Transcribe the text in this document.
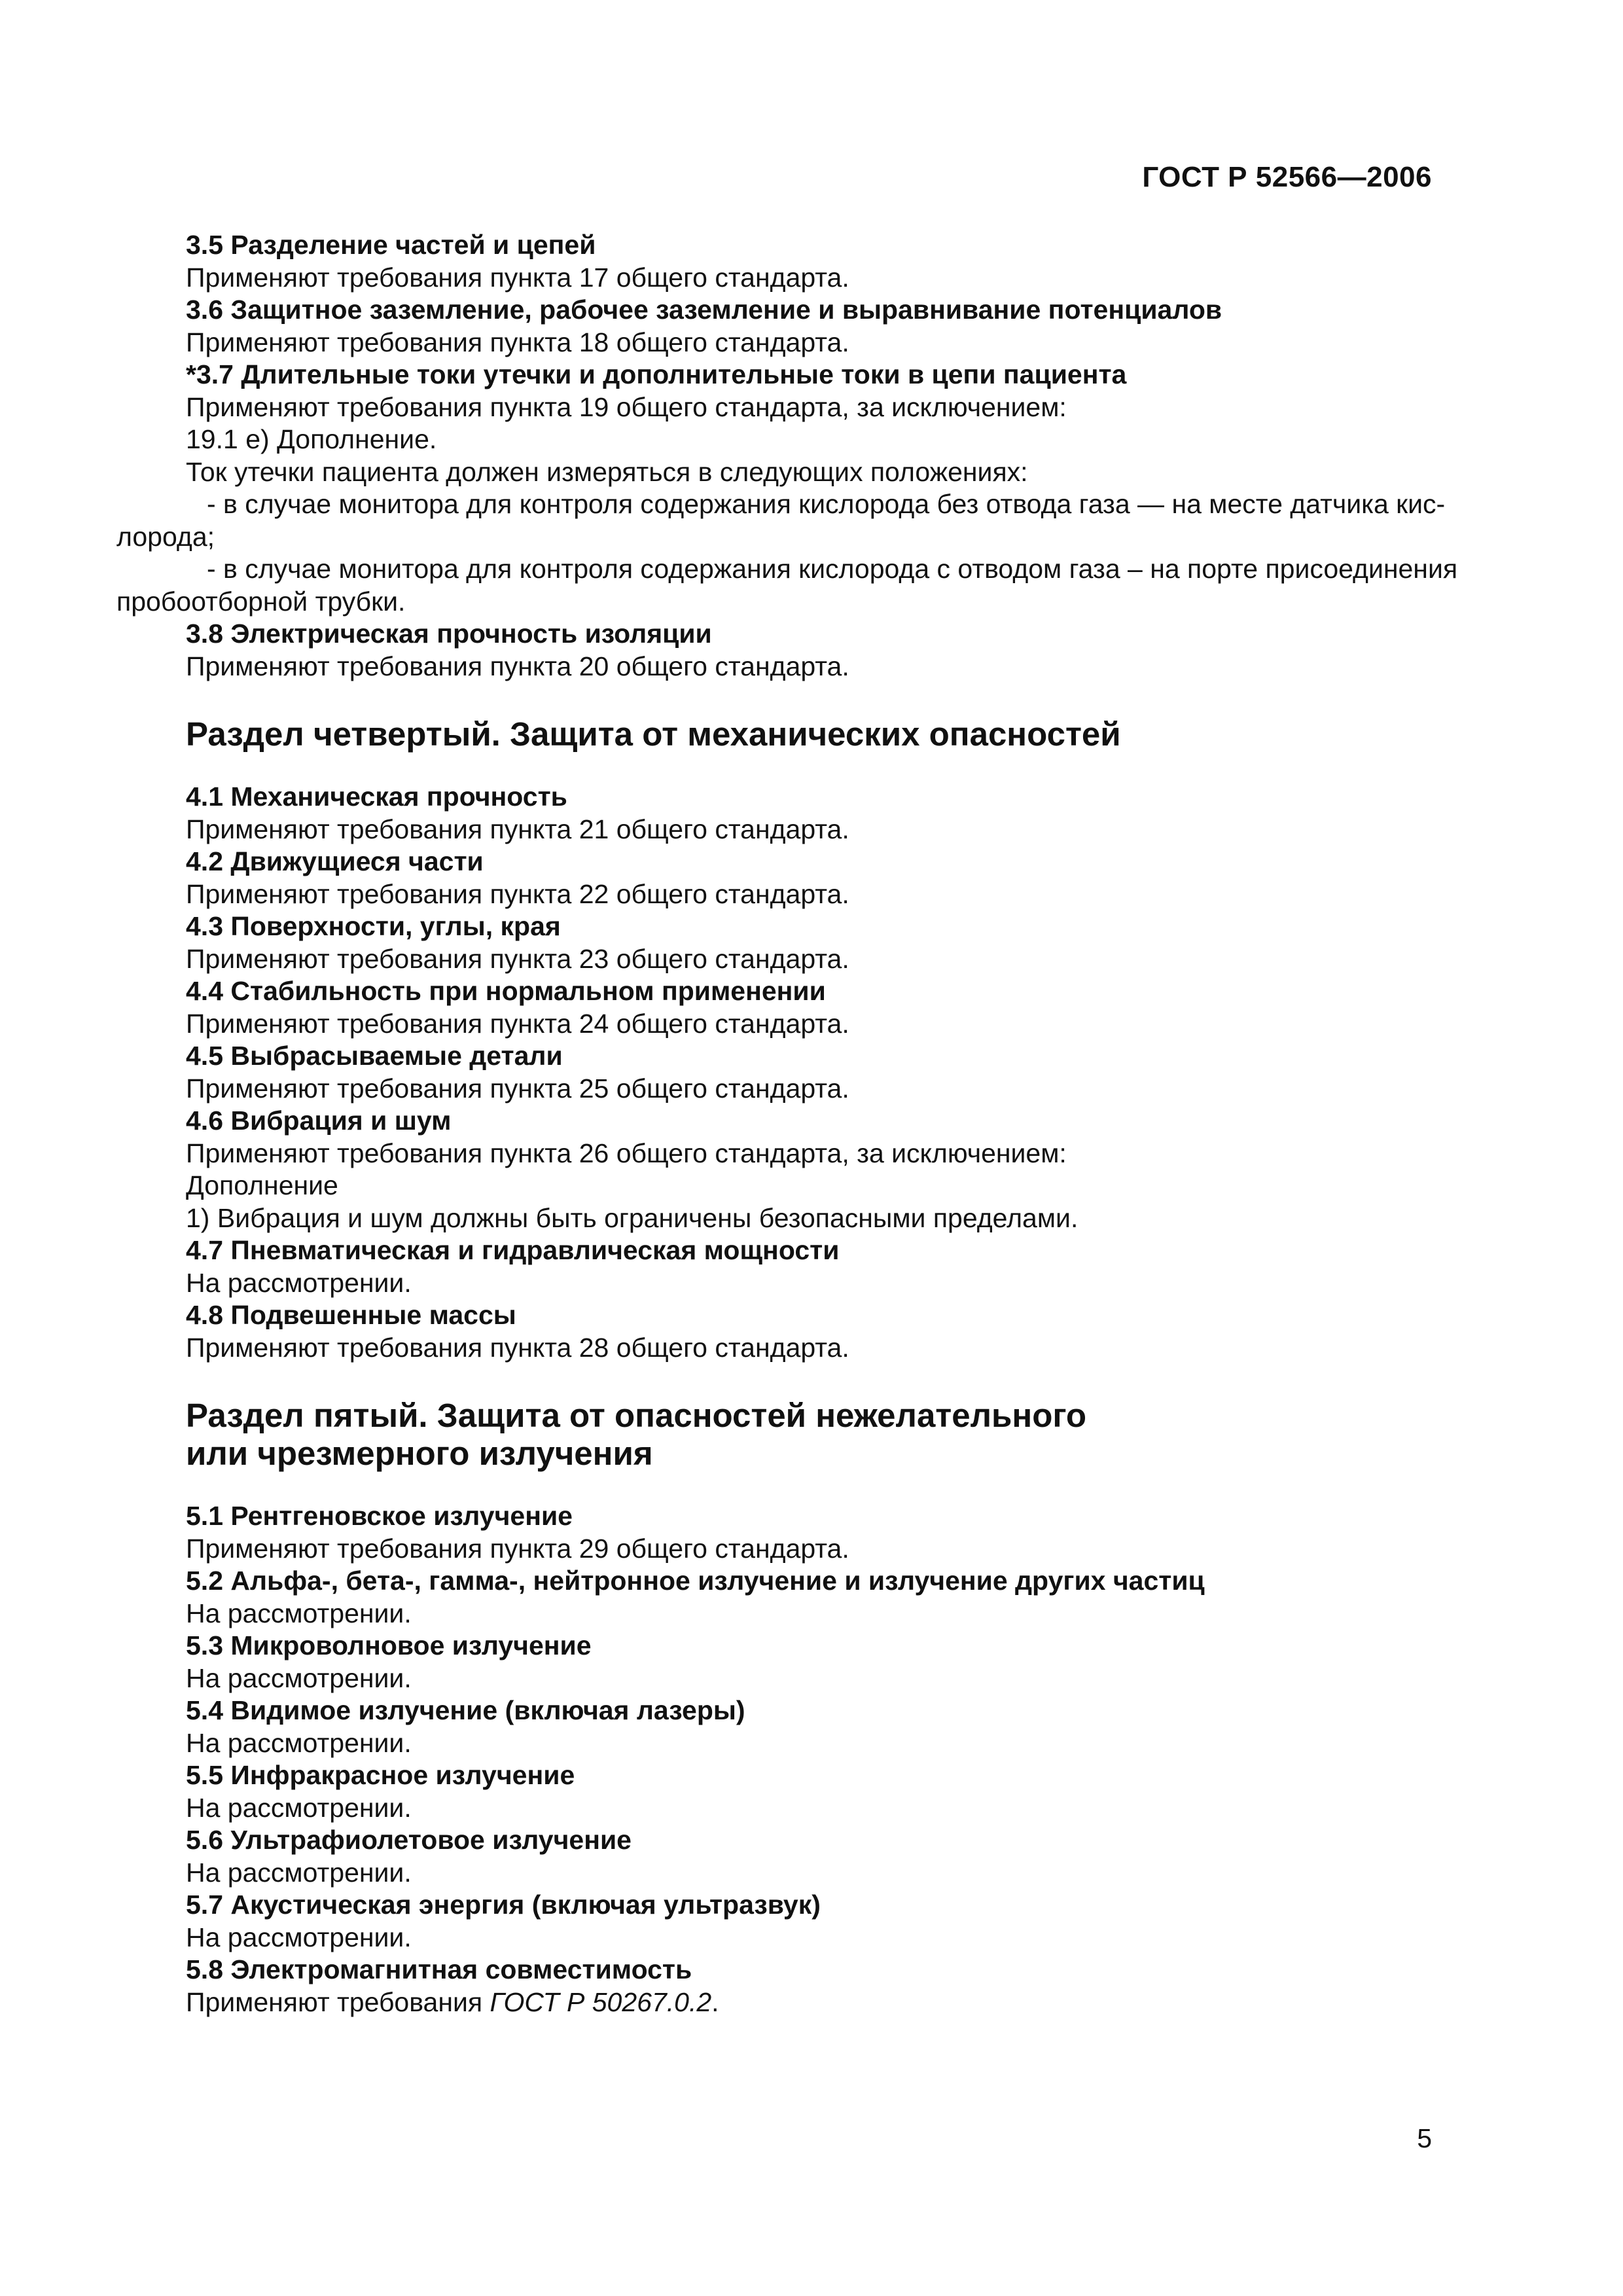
ГОСТ Р 52566—2006

3.5 Разделение частей и цепей

Применяют требования пункта 17 общего стандарта.

3.6 Защитное заземление, рабочее заземление и выравнивание потенциалов

Применяют требования пункта 18 общего стандарта.

*3.7 Длительные токи утечки и дополнительные токи в цепи пациента

Применяют требования пункта 19 общего стандарта, за исключением:

19.1 е) Дополнение.

Ток утечки пациента должен измеряться в следующих положениях:

- в случае монитора для контроля содержания кислорода без отвода газа — на месте датчика кис-

лорода;

- в случае монитора для контроля содержания кислорода с отводом газа – на порте присоединения

пробоотборной трубки.

3.8 Электрическая прочность изоляции

Применяют требования пункта 20 общего стандарта.

Раздел четвертый. Защита от механических опасностей

4.1 Механическая прочность

Применяют требования пункта 21 общего стандарта.

4.2 Движущиеся части

Применяют требования пункта 22 общего стандарта.

4.3 Поверхности, углы, края

Применяют требования пункта 23 общего стандарта.

4.4 Стабильность при нормальном применении

Применяют требования пункта 24 общего стандарта.

4.5 Выбрасываемые детали

Применяют требования пункта 25 общего стандарта.

4.6 Вибрация и шум

Применяют требования пункта 26 общего стандарта, за исключением:

Дополнение

1) Вибрация и шум должны быть ограничены безопасными пределами.

4.7 Пневматическая и гидравлическая мощности

На рассмотрении.

4.8 Подвешенные массы

Применяют требования пункта 28 общего стандарта.

Раздел пятый. Защита от опасностей нежелательного

или чрезмерного излучения

5.1 Рентгеновское излучение

Применяют требования пункта 29 общего стандарта.

5.2 Альфа-, бета-, гамма-, нейтронное излучение и излучение других частиц

На рассмотрении.

5.3 Микроволновое излучение

На рассмотрении.

5.4 Видимое излучение (включая лазеры)

На рассмотрении.

5.5 Инфракрасное излучение

На рассмотрении.

5.6 Ультрафиолетовое излучение

На рассмотрении.

5.7 Акустическая энергия (включая ультразвук)

На рассмотрении.

5.8 Электромагнитная совместимость

Применяют требования ГОСТ Р 50267.0.2.

5
